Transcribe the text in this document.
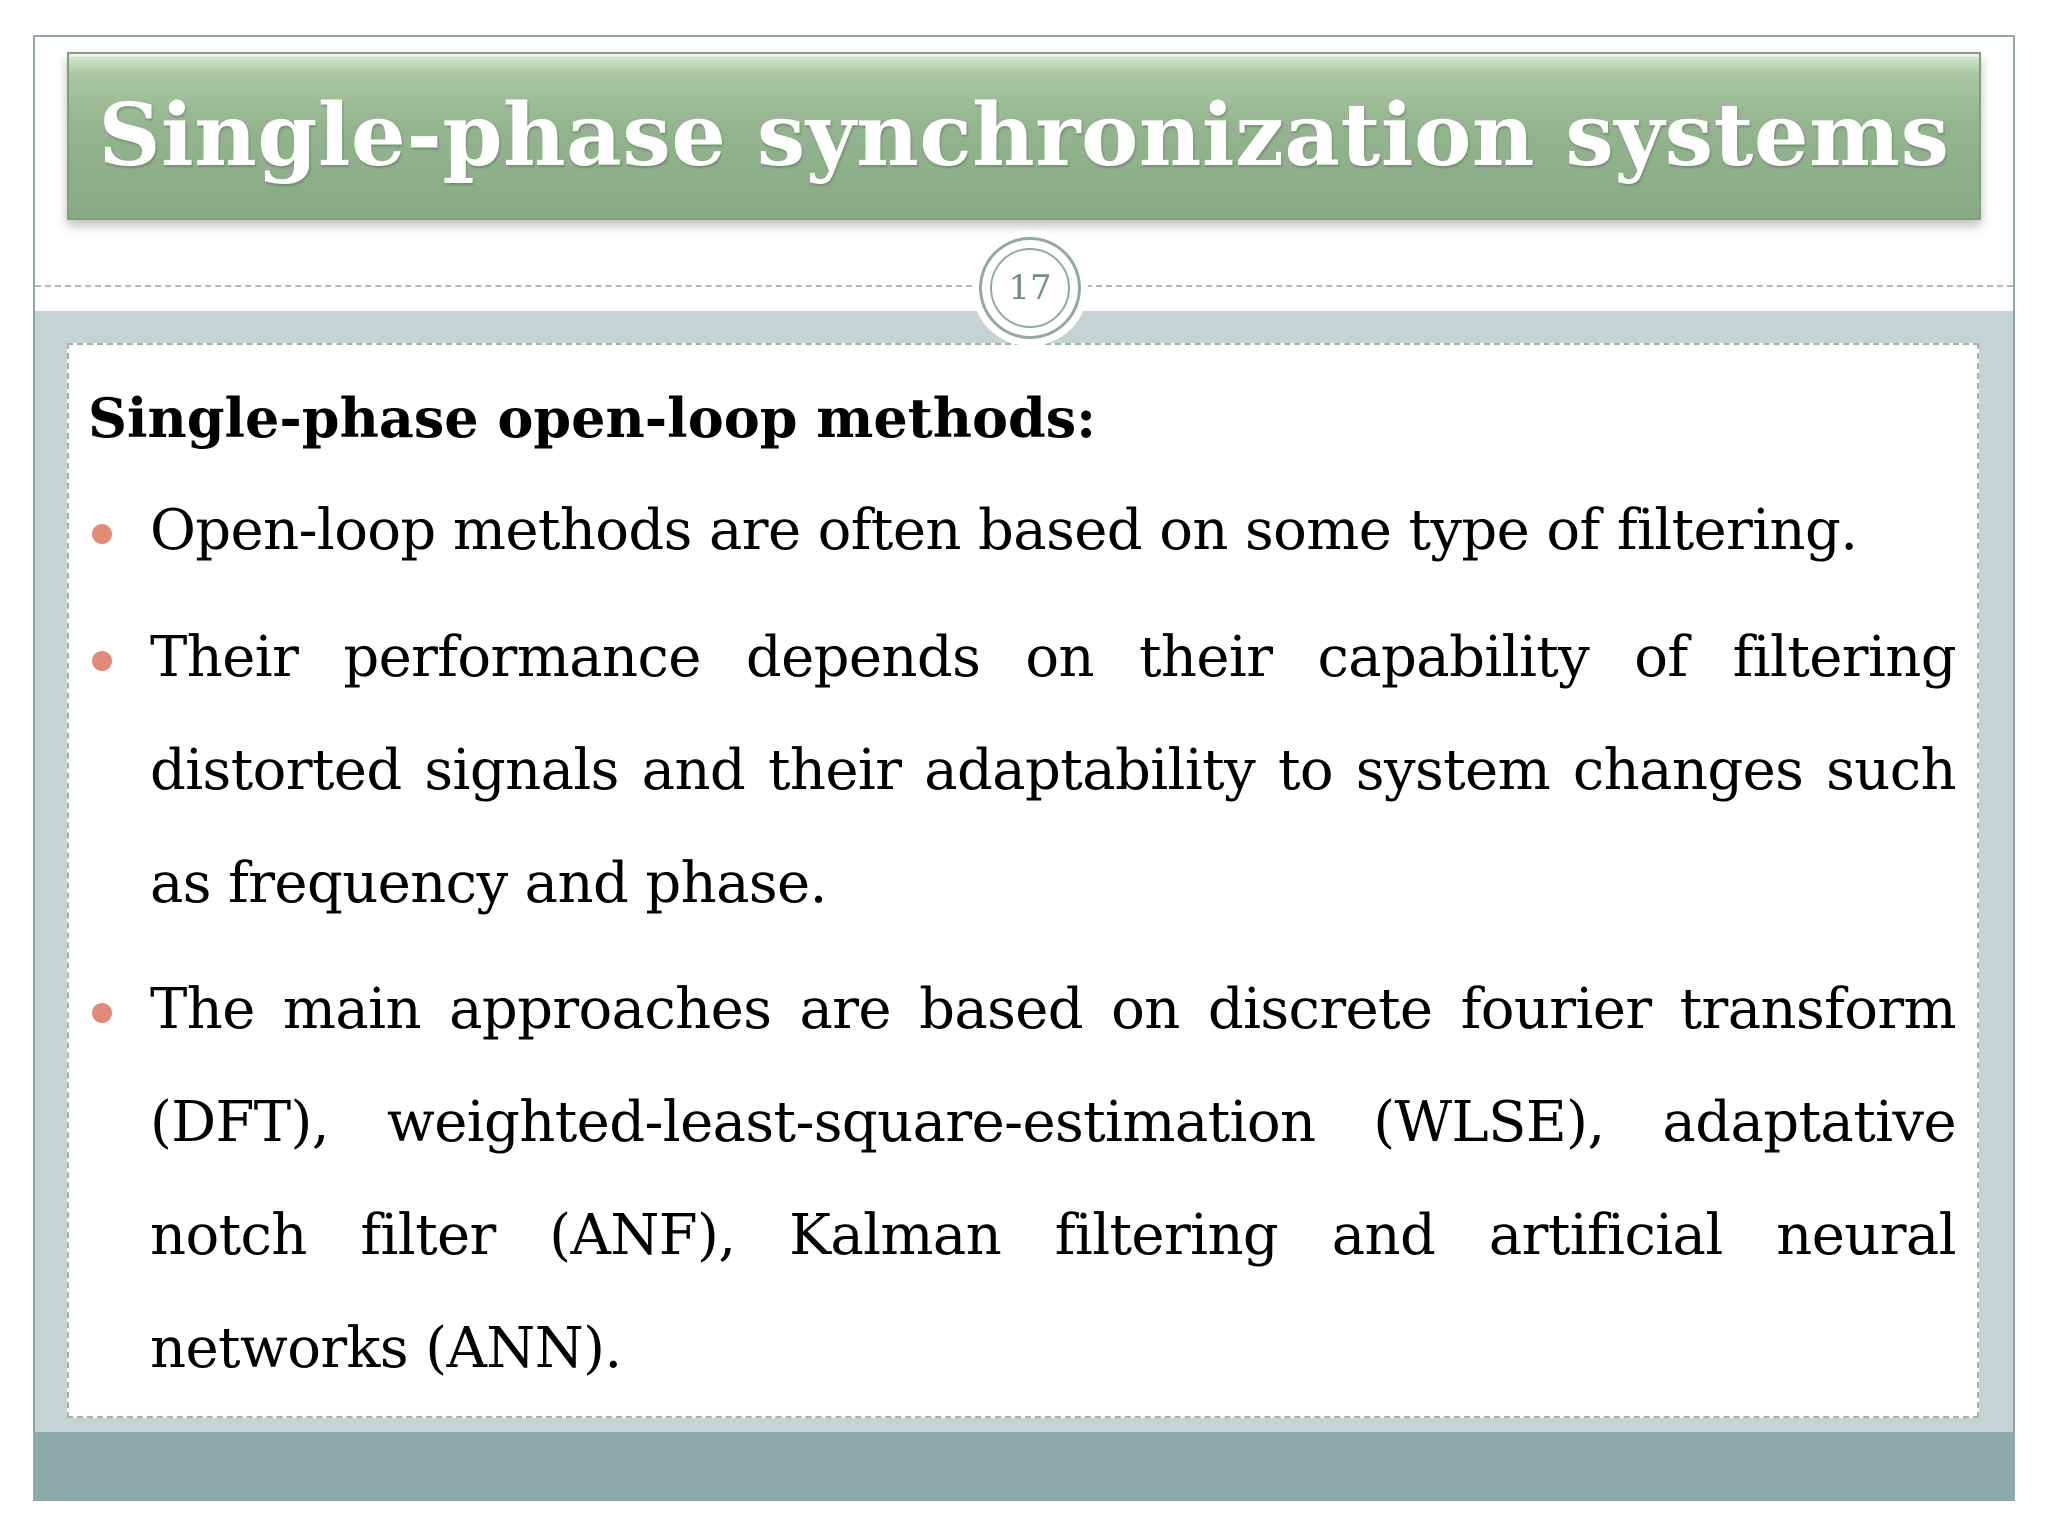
Single-phase synchronization systems
17
Single-phase open-loop methods:
Open-loop methods are often based on some type of filtering.
Their performance depends on their capability of filtering distorted signals and their adaptability to system changes such as frequency and phase.
The main approaches are based on discrete fourier transform (DFT), weighted-least-square-estimation (WLSE), adaptative notch filter (ANF), Kalman filtering and artificial neural networks (ANN).
